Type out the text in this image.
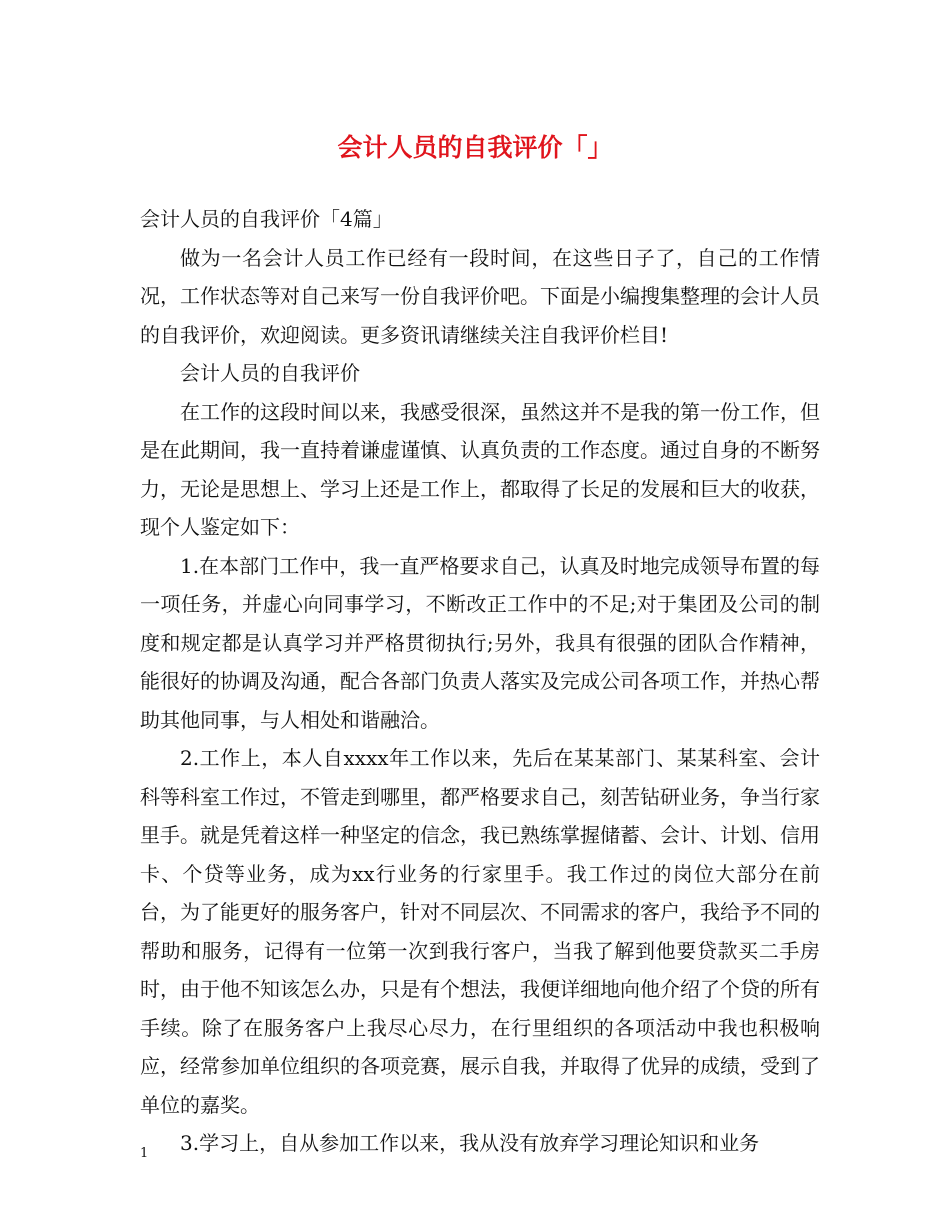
会计人员的自我评价「」

会计人员的自我评价「4篇」

做为一名会计人员工作已经有一段时间，在这些日子了，自己的工作情况，工作状态等对自己来写一份自我评价吧。下面是小编搜集整理的会计人员的自我评价，欢迎阅读。更多资讯请继续关注自我评价栏目!

会计人员的自我评价

在工作的这段时间以来，我感受很深，虽然这并不是我的第一份工作，但是在此期间，我一直持着谦虚谨慎、认真负责的工作态度。通过自身的不断努力，无论是思想上、学习上还是工作上，都取得了长足的发展和巨大的收获，现个人鉴定如下：

1.在本部门工作中，我一直严格要求自己，认真及时地完成领导布置的每一项任务，并虚心向同事学习，不断改正工作中的不足;对于集团及公司的制度和规定都是认真学习并严格贯彻执行;另外，我具有很强的团队合作精神，能很好的协调及沟通，配合各部门负责人落实及完成公司各项工作，并热心帮助其他同事，与人相处和谐融洽。

2.工作上，本人自xxxx年工作以来，先后在某某部门、某某科室、会计科等科室工作过，不管走到哪里，都严格要求自己，刻苦钻研业务，争当行家里手。就是凭着这样一种坚定的信念，我已熟练掌握储蓄、会计、计划、信用卡、个贷等业务，成为xx行业务的行家里手。我工作过的岗位大部分在前台，为了能更好的服务客户，针对不同层次、不同需求的客户，我给予不同的帮助和服务，记得有一位第一次到我行客户，当我了解到他要贷款买二手房时，由于他不知该怎么办，只是有个想法，我便详细地向他介绍了个贷的所有手续。除了在服务客户上我尽心尽力，在行里组织的各项活动中我也积极响应，经常参加单位组织的各项竞赛，展示自我，并取得了优异的成绩，受到了单位的嘉奖。

3.学习上，自从参加工作以来，我从没有放弃学习理论知识和业务

1
